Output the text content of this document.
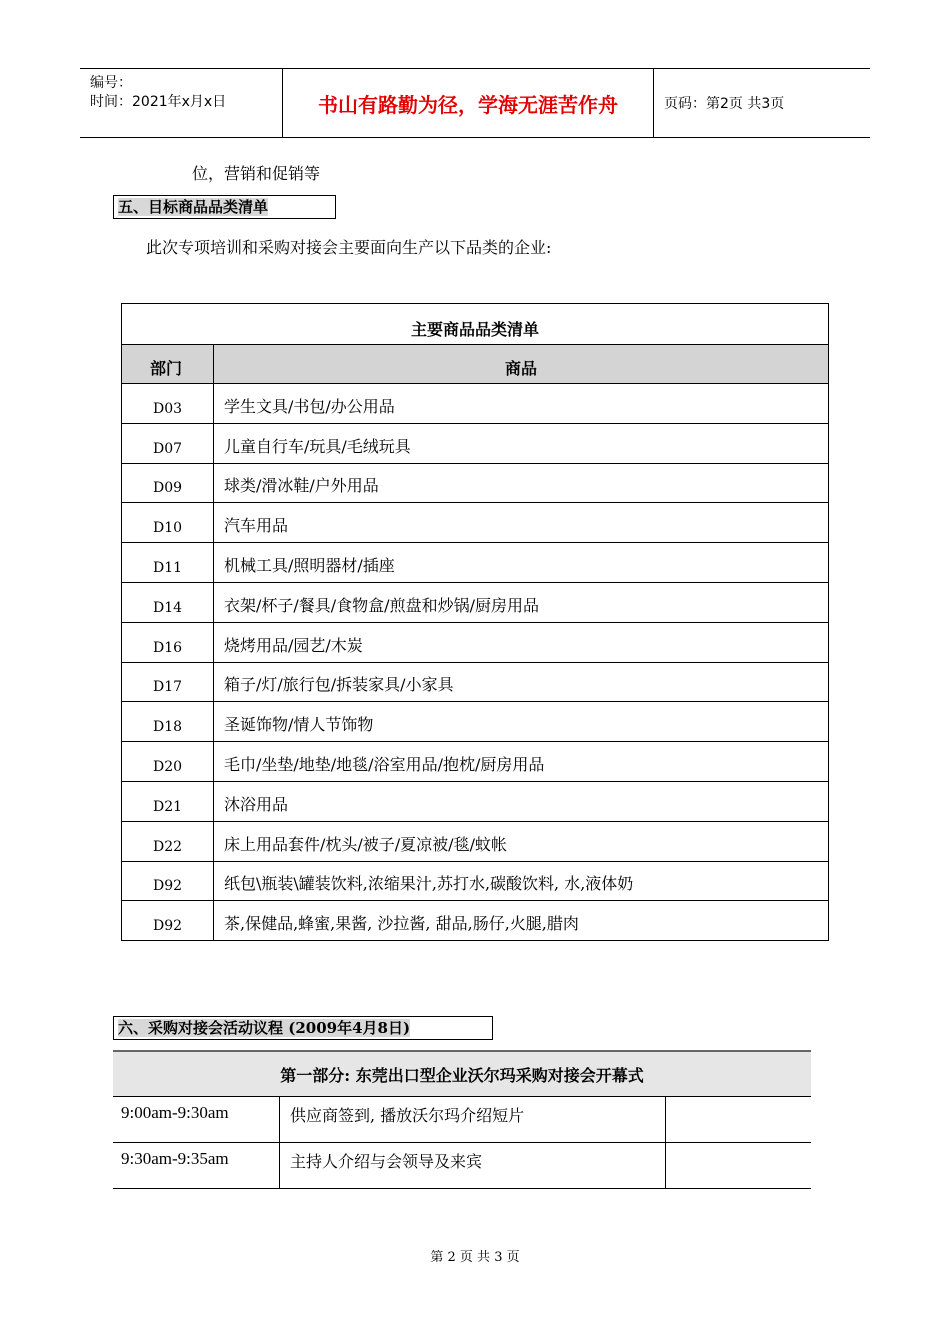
编号：
时间：2021年x月x日	书山有路勤为径，学海无涯苦作舟	页码：第2页 共3页
位，营销和促销等
五、目标商品品类清单
此次专项培训和采购对接会主要面向生产以下品类的企业:
主要商品品类清单
部门	商品
D03	学生文具/书包/办公用品
D07	儿童自行车/玩具/毛绒玩具
D09	球类/滑冰鞋/户外用品
D10	汽车用品
D11	机械工具/照明器材/插座
D14	衣架/杯子/餐具/食物盒/煎盘和炒锅/厨房用品
D16	烧烤用品/园艺/木炭
D17	箱子/灯/旅行包/拆装家具/小家具
D18	圣诞饰物/情人节饰物
D20	毛巾/坐垫/地垫/地毯/浴室用品/抱枕/厨房用品
D21	沐浴用品
D22	床上用品套件/枕头/被子/夏凉被/毯/蚊帐
D92	纸包\瓶装\罐装饮料,浓缩果汁,苏打水,碳酸饮料, 水,液体奶
D92	茶,保健品,蜂蜜,果酱, 沙拉酱, 甜品,肠仔,火腿,腊肉
六、采购对接会活动议程 (2009年4月8日)
第一部分: 东莞出口型企业沃尔玛采购对接会开幕式
9:00am-9:30am	供应商签到, 播放沃尔玛介绍短片
9:30am-9:35am	主持人介绍与会领导及来宾
第 2 页 共 3 页
